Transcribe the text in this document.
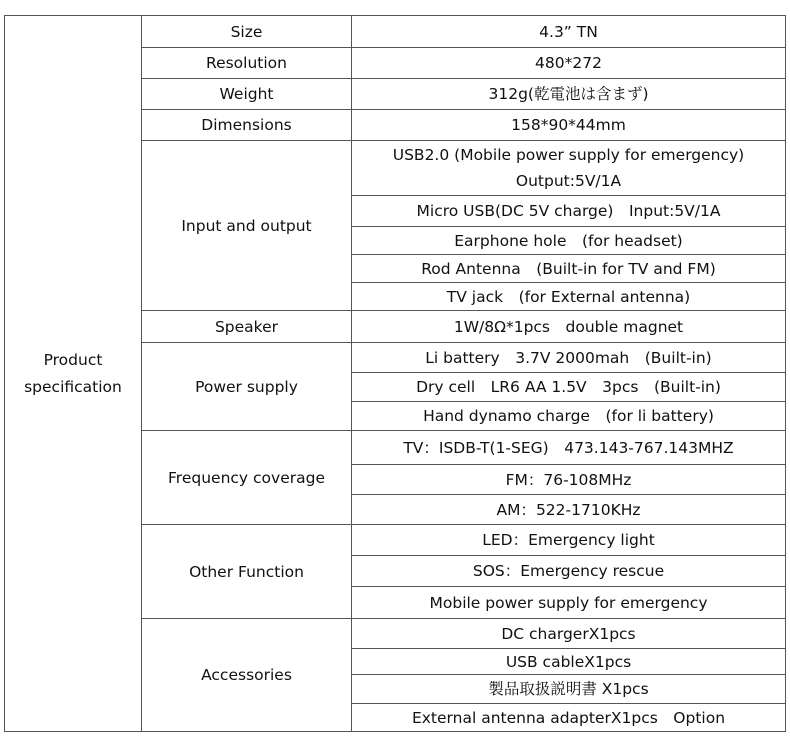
Product specification	Size	4.3” TN
	Resolution	480*272
	Weight	312g(乾電池は含まず)
	Dimensions	158*90*44mm
	Input and output	USB2.0 (Mobile power supply for emergency)
Output:5V/1A
		Micro USB(DC 5V charge)　Input:5V/1A
		Earphone hole　(for headset)
		Rod Antenna　(Built-in for TV and FM)
		TV jack　(for External antenna)
	Speaker	1W/8Ω*1pcs　double magnet
	Power supply	Li battery　3.7V 2000mah　(Built-in)
		Dry cell　LR6 AA 1.5V　3pcs　(Built-in)
		Hand dynamo charge　(for li battery)
	Frequency coverage	TV：ISDB-T(1-SEG)　473.143-767.143MHZ
		FM：76-108MHz
		AM：522-1710KHz
	Other Function	LED：Emergency light
		SOS：Emergency rescue
		Mobile power supply for emergency
	Accessories	DC chargerX1pcs
		USB cableX1pcs
		製品取扱説明書 X1pcs
		External antenna adapterX1pcs　Option
